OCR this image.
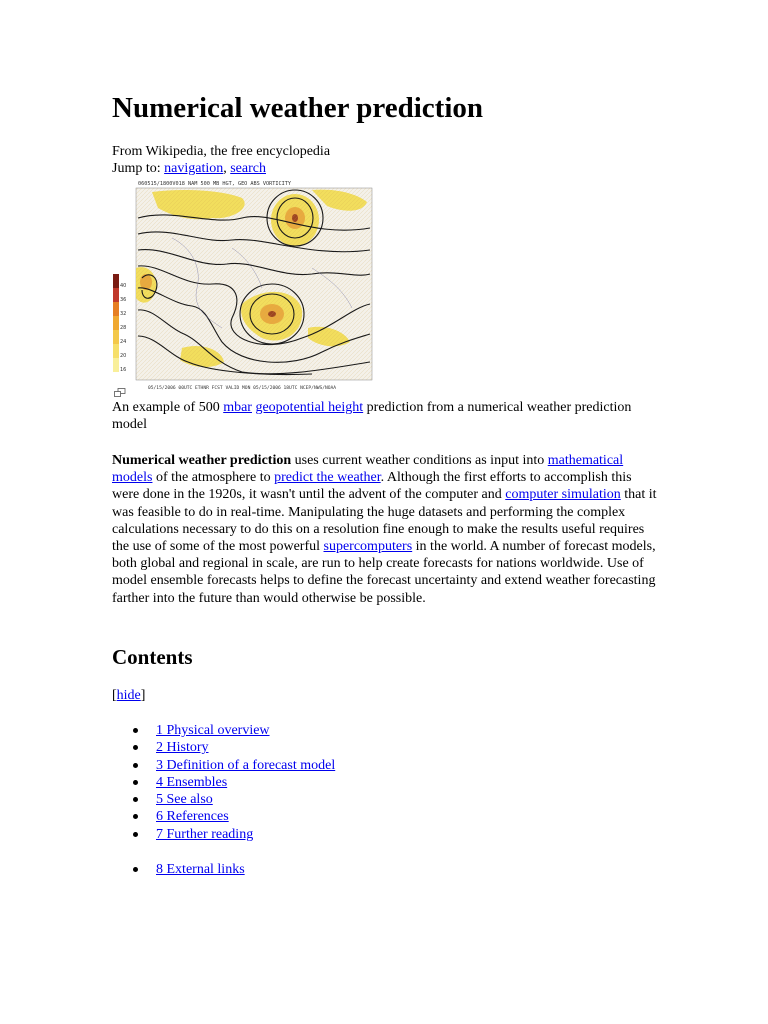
Numerical weather prediction

From Wikipedia, the free encyclopedia

Jump to: navigation, search

060515/1800V018 NAM 500 MB HGT, GEO ABS VORTICITY
40
36
32
28
24
20
16
05/15/2006 00UTC ETHNR FCST VALID MON 05/15/2006 18UTC NCEP/NWS/NOAA

An example of 500 mbar geopotential height prediction from a numerical weather prediction model

Numerical weather prediction uses current weather conditions as input into mathematical models of the atmosphere to predict the weather. Although the first efforts to accomplish this were done in the 1920s, it wasn't until the advent of the computer and computer simulation that it was feasible to do in real-time. Manipulating the huge datasets and performing the complex calculations necessary to do this on a resolution fine enough to make the results useful requires the use of some of the most powerful supercomputers in the world. A number of forecast models, both global and regional in scale, are run to help create forecasts for nations worldwide. Use of model ensemble forecasts helps to define the forecast uncertainty and extend weather forecasting farther into the future than would otherwise be possible.

Contents

[hide]

1 Physical overview
2 History
3 Definition of a forecast model
4 Ensembles
5 See also
6 References
7 Further reading
8 External links
